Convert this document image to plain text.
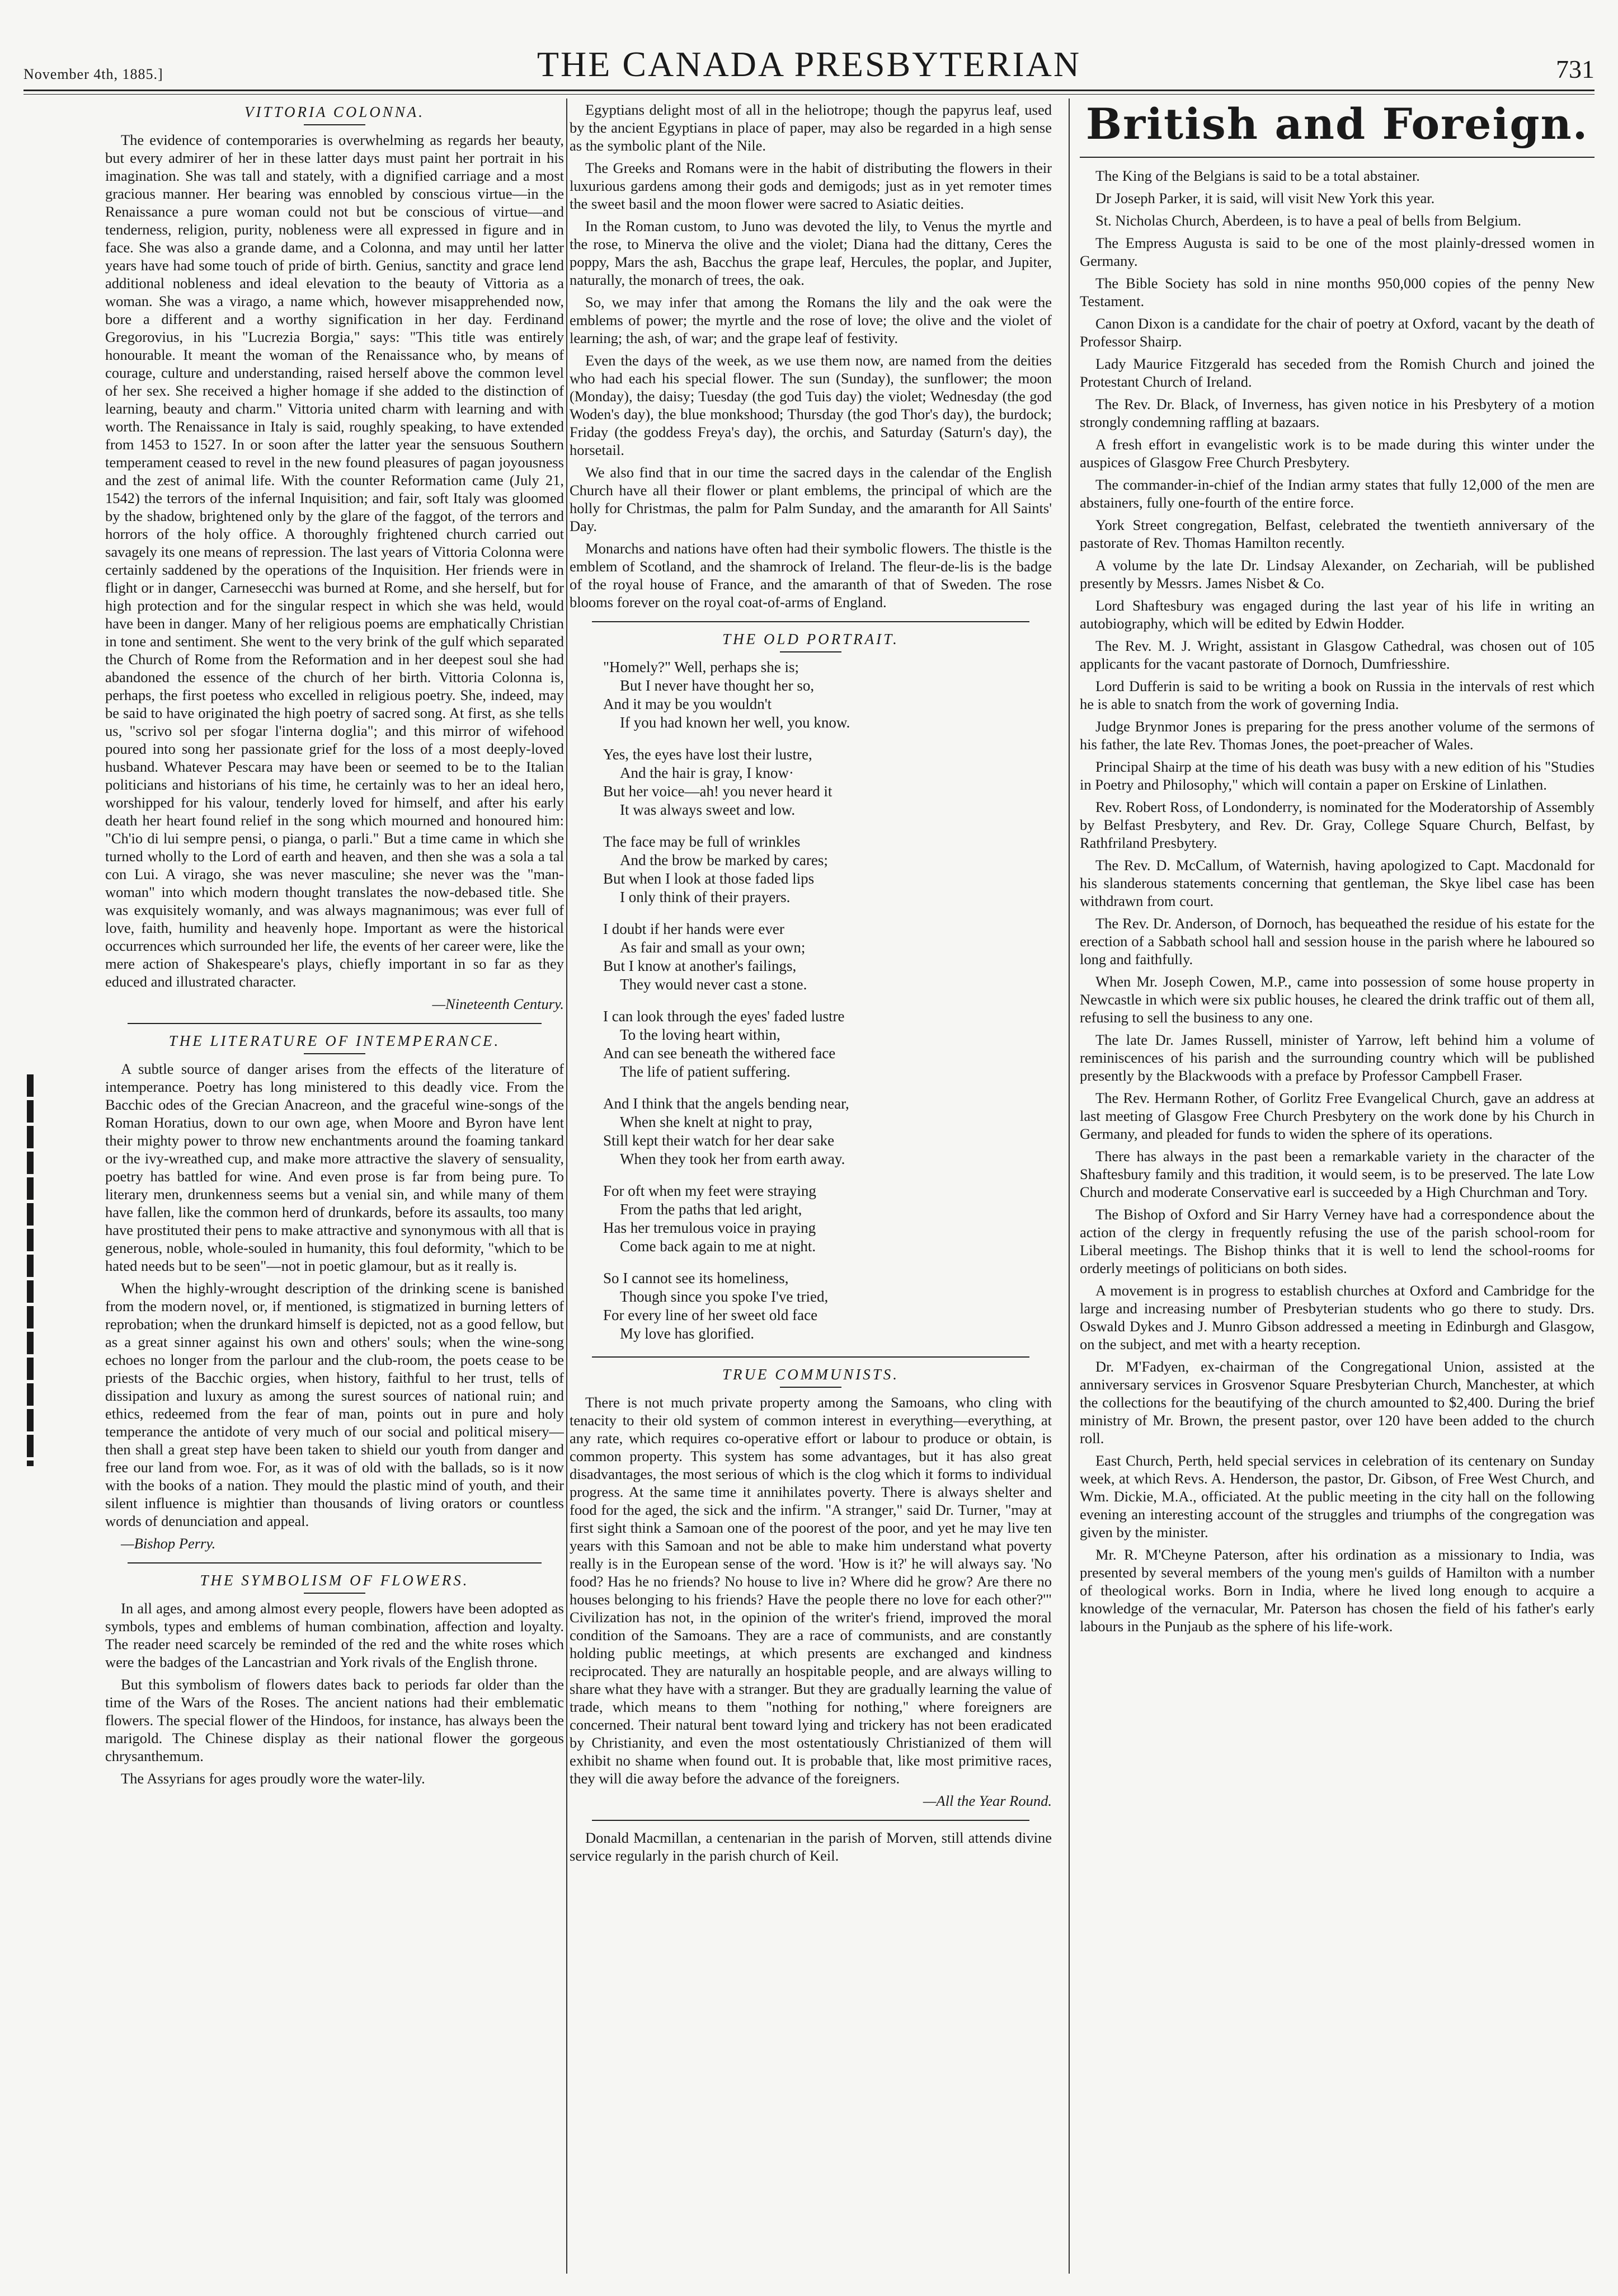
November 4th, 1885.]	THE CANADA PRESBYTERIAN	731
VITTORIA COLONNA.

The evidence of contemporaries is overwhelming as regards her beauty, but every admirer of her in these latter days must paint her portrait in his imagination. She was tall and stately, with a dignified carriage and a most gracious manner. Her bearing was ennobled by conscious virtue—in the Renaissance a pure woman could not but be conscious of virtue—and tenderness, religion, purity, nobleness were all expressed in figure and in face. She was also a grande dame, and a Colonna, and may until her latter years have had some touch of pride of birth. Genius, sanctity and grace lend additional nobleness and ideal elevation to the beauty of Vittoria as a woman. She was a virago, a name which, however misapprehended now, bore a different and a worthy signification in her day. Ferdinand Gregorovius, in his "Lucrezia Borgia," says: "This title was entirely honourable. It meant the woman of the Renaissance who, by means of courage, culture and understanding, raised herself above the common level of her sex. She received a higher homage if she added to the distinction of learning, beauty and charm." Vittoria united charm with learning and with worth. The Renaissance in Italy is said, roughly speaking, to have extended from 1453 to 1527. In or soon after the latter year the sensuous Southern temperament ceased to revel in the new found pleasures of pagan joyousness and the zest of animal life. With the counter Reformation came (July 21, 1542) the terrors of the infernal Inquisition; and fair, soft Italy was gloomed by the shadow, brightened only by the glare of the faggot, of the terrors and horrors of the holy office. A thoroughly frightened church carried out savagely its one means of repression. The last years of Vittoria Colonna were certainly saddened by the operations of the Inquisition. Her friends were in flight or in danger, Carnesecchi was burned at Rome, and she herself, but for high protection and for the singular respect in which she was held, would have been in danger. Many of her religious poems are emphatically Christian in tone and sentiment. She went to the very brink of the gulf which separated the Church of Rome from the Reformation and in her deepest soul she had abandoned the essence of the church of her birth. Vittoria Colonna is, perhaps, the first poetess who excelled in religious poetry. She, indeed, may be said to have originated the high poetry of sacred song. At first, as she tells us, "scrivo sol per sfogar l'interna doglia"; and this mirror of wifehood poured into song her passionate grief for the loss of a most deeply-loved husband. Whatever Pescara may have been or seemed to be to the Italian politicians and historians of his time, he certainly was to her an ideal hero, worshipped for his valour, tenderly loved for himself, and after his early death her heart found relief in the song which mourned and honoured him: "Ch'io di lui sempre pensi, o pianga, o parli." But a time came in which she turned wholly to the Lord of earth and heaven, and then she was a sola a tal con Lui. A virago, she was never masculine; she never was the "man-woman" into which modern thought translates the now-debased title. She was exquisitely womanly, and was always magnanimous; was ever full of love, faith, humility and heavenly hope. Important as were the historical occurrences which surrounded her life, the events of her career were, like the mere action of Shakespeare's plays, chiefly important in so far as they educed and illustrated character.

—Nineteenth Century.

THE LITERATURE OF INTEMPERANCE.

A subtle source of danger arises from the effects of the literature of intemperance. Poetry has long ministered to this deadly vice. From the Bacchic odes of the Grecian Anacreon, and the graceful wine-songs of the Roman Horatius, down to our own age, when Moore and Byron have lent their mighty power to throw new enchantments around the foaming tankard or the ivy-wreathed cup, and make more attractive the slavery of sensuality, poetry has battled for wine. And even prose is far from being pure. To literary men, drunkenness seems but a venial sin, and while many of them have fallen, like the common herd of drunkards, before its assaults, too many have prostituted their pens to make attractive and synonymous with all that is generous, noble, whole-souled in humanity, this foul deformity, "which to be hated needs but to be seen"—not in poetic glamour, but as it really is.

When the highly-wrought description of the drinking scene is banished from the modern novel, or, if mentioned, is stigmatized in burning letters of reprobation; when the drunkard himself is depicted, not as a good fellow, but as a great sinner against his own and others' souls; when the wine-song echoes no longer from the parlour and the club-room, the poets cease to be priests of the Bacchic orgies, when history, faithful to her trust, tells of dissipation and luxury as among the surest sources of national ruin; and ethics, redeemed from the fear of man, points out in pure and holy temperance the antidote of very much of our social and political misery—then shall a great step have been taken to shield our youth from danger and free our land from woe. For, as it was of old with the ballads, so is it now with the books of a nation. They mould the plastic mind of youth, and their silent influence is mightier than thousands of living orators or countless words of denunciation and appeal.

—Bishop Perry.

THE SYMBOLISM OF FLOWERS.

In all ages, and among almost every people, flowers have been adopted as symbols, types and emblems of human combination, affection and loyalty. The reader need scarcely be reminded of the red and the white roses which were the badges of the Lancastrian and York rivals of the English throne.

But this symbolism of flowers dates back to periods far older than the time of the Wars of the Roses. The ancient nations had their emblematic flowers. The special flower of the Hindoos, for instance, has always been the marigold. The Chinese display as their national flower the gorgeous chrysanthemum.

The Assyrians for ages proudly wore the water-lily.

Egyptians delight most of all in the heliotrope; though the papyrus leaf, used by the ancient Egyptians in place of paper, may also be regarded in a high sense as the symbolic plant of the Nile.

The Greeks and Romans were in the habit of distributing the flowers in their luxurious gardens among their gods and demigods; just as in yet remoter times the sweet basil and the moon flower were sacred to Asiatic deities.

In the Roman custom, to Juno was devoted the lily, to Venus the myrtle and the rose, to Minerva the olive and the violet; Diana had the dittany, Ceres the poppy, Mars the ash, Bacchus the grape leaf, Hercules, the poplar, and Jupiter, naturally, the monarch of trees, the oak.

So, we may infer that among the Romans the lily and the oak were the emblems of power; the myrtle and the rose of love; the olive and the violet of learning; the ash, of war; and the grape leaf of festivity.

Even the days of the week, as we use them now, are named from the deities who had each his special flower. The sun (Sunday), the sunflower; the moon (Monday), the daisy; Tuesday (the god Tuis day) the violet; Wednesday (the god Woden's day), the blue monkshood; Thursday (the god Thor's day), the burdock; Friday (the goddess Freya's day), the orchis, and Saturday (Saturn's day), the horsetail.

We also find that in our time the sacred days in the calendar of the English Church have all their flower or plant emblems, the principal of which are the holly for Christmas, the palm for Palm Sunday, and the amaranth for All Saints' Day.

Monarchs and nations have often had their symbolic flowers. The thistle is the emblem of Scotland, and the shamrock of Ireland. The fleur-de-lis is the badge of the royal house of France, and the amaranth of that of Sweden. The rose blooms forever on the royal coat-of-arms of England.

THE OLD PORTRAIT.
"Homely?" Well, perhaps she is;
But I never have thought her so,
And it may be you wouldn't
If you had known her well, you know.
Yes, the eyes have lost their lustre,
And the hair is gray, I know·
But her voice—ah! you never heard it
It was always sweet and low.
The face may be full of wrinkles
And the brow be marked by cares;
But when I look at those faded lips
I only think of their prayers.
I doubt if her hands were ever
As fair and small as your own;
But I know at another's failings,
They would never cast a stone.
I can look through the eyes' faded lustre
To the loving heart within,
And can see beneath the withered face
The life of patient suffering.
And I think that the angels bending near,
When she knelt at night to pray,
Still kept their watch for her dear sake
When they took her from earth away.
For oft when my feet were straying
From the paths that led aright,
Has her tremulous voice in praying
Come back again to me at night.
So I cannot see its homeliness,
Though since you spoke I've tried,
For every line of her sweet old face
My love has glorified.
TRUE COMMUNISTS.

There is not much private property among the Samoans, who cling with tenacity to their old system of common interest in everything—everything, at any rate, which requires co-operative effort or labour to produce or obtain, is common property. This system has some advantages, but it has also great disadvantages, the most serious of which is the clog which it forms to individual progress. At the same time it annihilates poverty. There is always shelter and food for the aged, the sick and the infirm. "A stranger," said Dr. Turner, "may at first sight think a Samoan one of the poorest of the poor, and yet he may live ten years with this Samoan and not be able to make him understand what poverty really is in the European sense of the word. 'How is it?' he will always say. 'No food? Has he no friends? No house to live in? Where did he grow? Are there no houses belonging to his friends? Have the people there no love for each other?'" Civilization has not, in the opinion of the writer's friend, improved the moral condition of the Samoans. They are a race of communists, and are constantly holding public meetings, at which presents are exchanged and kindness reciprocated. They are naturally an hospitable people, and are always willing to share what they have with a stranger. But they are gradually learning the value of trade, which means to them "nothing for nothing," where foreigners are concerned. Their natural bent toward lying and trickery has not been eradicated by Christianity, and even the most ostentatiously Christianized of them will exhibit no shame when found out. It is probable that, like most primitive races, they will die away before the advance of the foreigners.

—All the Year Round.

Donald Macmillan, a centenarian in the parish of Morven, still attends divine service regularly in the parish church of Keil.

British and Foreign.

The King of the Belgians is said to be a total abstainer.

Dr Joseph Parker, it is said, will visit New York this year.

St. Nicholas Church, Aberdeen, is to have a peal of bells from Belgium.

The Empress Augusta is said to be one of the most plainly-dressed women in Germany.

The Bible Society has sold in nine months 950,000 copies of the penny New Testament.

Canon Dixon is a candidate for the chair of poetry at Oxford, vacant by the death of Professor Shairp.

Lady Maurice Fitzgerald has seceded from the Romish Church and joined the Protestant Church of Ireland.

The Rev. Dr. Black, of Inverness, has given notice in his Presbytery of a motion strongly condemning raffling at bazaars.

A fresh effort in evangelistic work is to be made during this winter under the auspices of Glasgow Free Church Presbytery.

The commander-in-chief of the Indian army states that fully 12,000 of the men are abstainers, fully one-fourth of the entire force.

York Street congregation, Belfast, celebrated the twentieth anniversary of the pastorate of Rev. Thomas Hamilton recently.

A volume by the late Dr. Lindsay Alexander, on Zechariah, will be published presently by Messrs. James Nisbet & Co.

Lord Shaftesbury was engaged during the last year of his life in writing an autobiography, which will be edited by Edwin Hodder.

The Rev. M. J. Wright, assistant in Glasgow Cathedral, was chosen out of 105 applicants for the vacant pastorate of Dornoch, Dumfriesshire.

Lord Dufferin is said to be writing a book on Russia in the intervals of rest which he is able to snatch from the work of governing India.

Judge Brynmor Jones is preparing for the press another volume of the sermons of his father, the late Rev. Thomas Jones, the poet-preacher of Wales.

Principal Shairp at the time of his death was busy with a new edition of his "Studies in Poetry and Philosophy," which will contain a paper on Erskine of Linlathen.

Rev. Robert Ross, of Londonderry, is nominated for the Moderatorship of Assembly by Belfast Presbytery, and Rev. Dr. Gray, College Square Church, Belfast, by Rathfriland Presbytery.

The Rev. D. McCallum, of Waternish, having apologized to Capt. Macdonald for his slanderous statements concerning that gentleman, the Skye libel case has been withdrawn from court.

The Rev. Dr. Anderson, of Dornoch, has bequeathed the residue of his estate for the erection of a Sabbath school hall and session house in the parish where he laboured so long and faithfully.

When Mr. Joseph Cowen, M.P., came into possession of some house property in Newcastle in which were six public houses, he cleared the drink traffic out of them all, refusing to sell the business to any one.

The late Dr. James Russell, minister of Yarrow, left behind him a volume of reminiscences of his parish and the surrounding country which will be published presently by the Blackwoods with a preface by Professor Campbell Fraser.

The Rev. Hermann Rother, of Gorlitz Free Evangelical Church, gave an address at last meeting of Glasgow Free Church Presbytery on the work done by his Church in Germany, and pleaded for funds to widen the sphere of its operations.

There has always in the past been a remarkable variety in the character of the Shaftesbury family and this tradition, it would seem, is to be preserved. The late Low Church and moderate Conservative earl is succeeded by a High Churchman and Tory.

The Bishop of Oxford and Sir Harry Verney have had a correspondence about the action of the clergy in frequently refusing the use of the parish school-room for Liberal meetings. The Bishop thinks that it is well to lend the school-rooms for orderly meetings of politicians on both sides.

A movement is in progress to establish churches at Oxford and Cambridge for the large and increasing number of Presbyterian students who go there to study. Drs. Oswald Dykes and J. Munro Gibson addressed a meeting in Edinburgh and Glasgow, on the subject, and met with a hearty reception.

Dr. M'Fadyen, ex-chairman of the Congregational Union, assisted at the anniversary services in Grosvenor Square Presbyterian Church, Manchester, at which the collections for the beautifying of the church amounted to $2,400. During the brief ministry of Mr. Brown, the present pastor, over 120 have been added to the church roll.

East Church, Perth, held special services in celebration of its centenary on Sunday week, at which Revs. A. Henderson, the pastor, Dr. Gibson, of Free West Church, and Wm. Dickie, M.A., officiated. At the public meeting in the city hall on the following evening an interesting account of the struggles and triumphs of the congregation was given by the minister.

Mr. R. M'Cheyne Paterson, after his ordination as a missionary to India, was presented by several members of the young men's guilds of Hamilton with a number of theological works. Born in India, where he lived long enough to acquire a knowledge of the vernacular, Mr. Paterson has chosen the field of his father's early labours in the Punjaub as the sphere of his life-work.
